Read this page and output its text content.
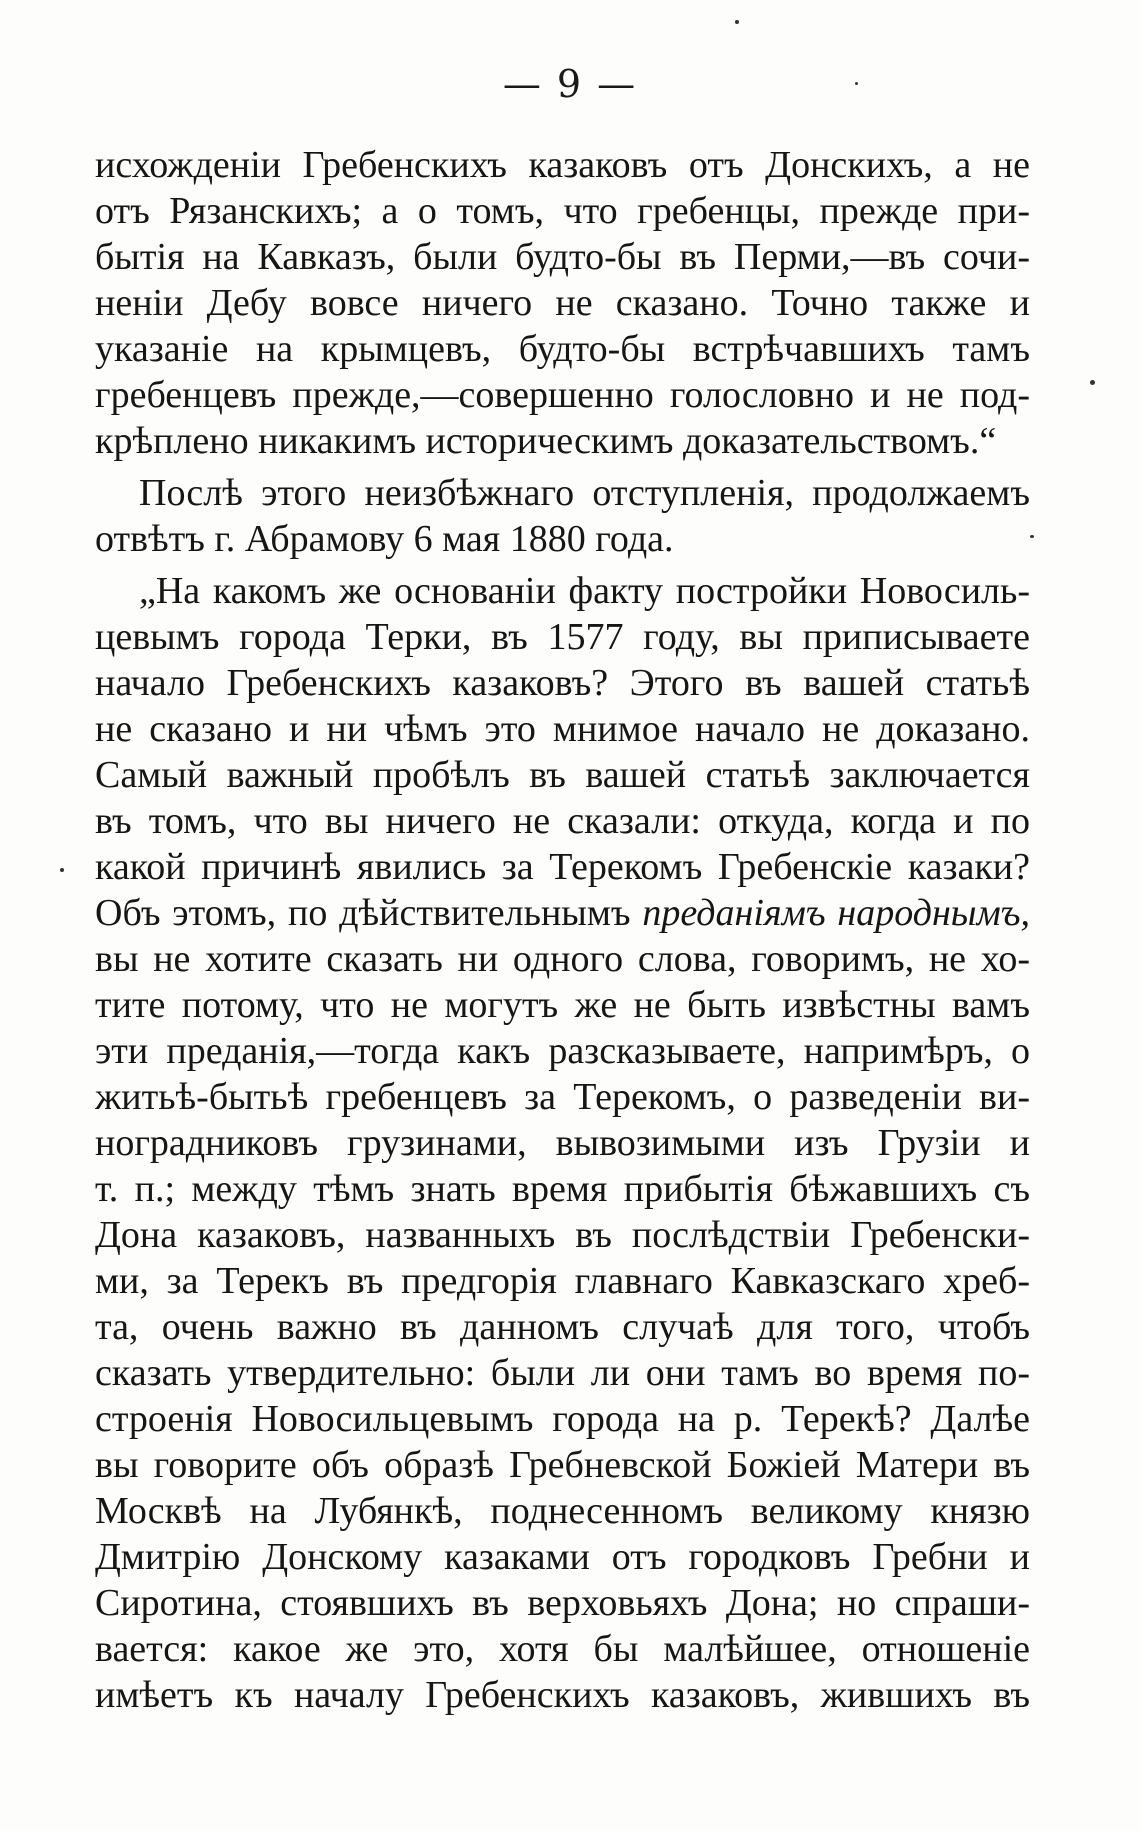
— 9 —
исхожденiи Гребенскихъ казаковъ отъ Донскихъ, а не
отъ Рязанскихъ; а о томъ, что гребенцы, прежде при-
бытiя на Кавказъ, были будто-бы въ Перми,—въ сочи-
ненiи Дебу вовсе ничего не сказано. Точно также и
указанiе на крымцевъ, будто-бы встрѣчавшихъ тамъ
гребенцевъ прежде,—совершенно голословно и не под-
крѣплено никакимъ историческимъ доказательствомъ.“
Послѣ этого неизбѣжнаго отступленiя, продолжаемъ
отвѣтъ г. Абрамову 6 мая 1880 года.
„На какомъ же основанiи факту постройки Новосиль-
цевымъ города Терки, въ 1577 году, вы приписываете
начало Гребенскихъ казаковъ? Этого въ вашей статьѣ
не сказано и ни чѣмъ это мнимое начало не доказано.
Самый важный пробѣлъ въ вашей статьѣ заключается
въ томъ, что вы ничего не сказали: откуда, когда и по
какой причинѣ явились за Терекомъ Гребенскiе казаки?
Объ этомъ, по дѣйствительнымъ преданiямъ народнымъ,
вы не хотите сказать ни одного слова, говоримъ, не хо-
тите потому, что не могутъ же не быть извѣстны вамъ
эти преданiя,—тогда какъ разсказываете, напримѣръ, о
житьѣ-бытьѣ гребенцевъ за Терекомъ, о разведенiи ви-
ноградниковъ грузинами, вывозимыми изъ Грузiи и
т. п.; между тѣмъ знать время прибытiя бѣжавшихъ съ
Дона казаковъ, названныхъ въ послѣдствiи Гребенски-
ми, за Терекъ въ предгорiя главнаго Кавказскаго хреб-
та, очень важно въ данномъ случаѣ для того, чтобъ
сказать утвердительно: были ли они тамъ во время по-
строенiя Новосильцевымъ города на р. Терекѣ? Далѣе
вы говорите объ образѣ Гребневской Божiей Матери въ
Москвѣ на Лубянкѣ, поднесенномъ великому князю
Дмитрiю Донскому казаками отъ городковъ Гребни и
Сиротина, стоявшихъ въ верховьяхъ Дона; но спраши-
вается: какое же это, хотя бы малѣйшее, отношенiе
имѣетъ къ началу Гребенскихъ казаковъ, жившихъ въ
